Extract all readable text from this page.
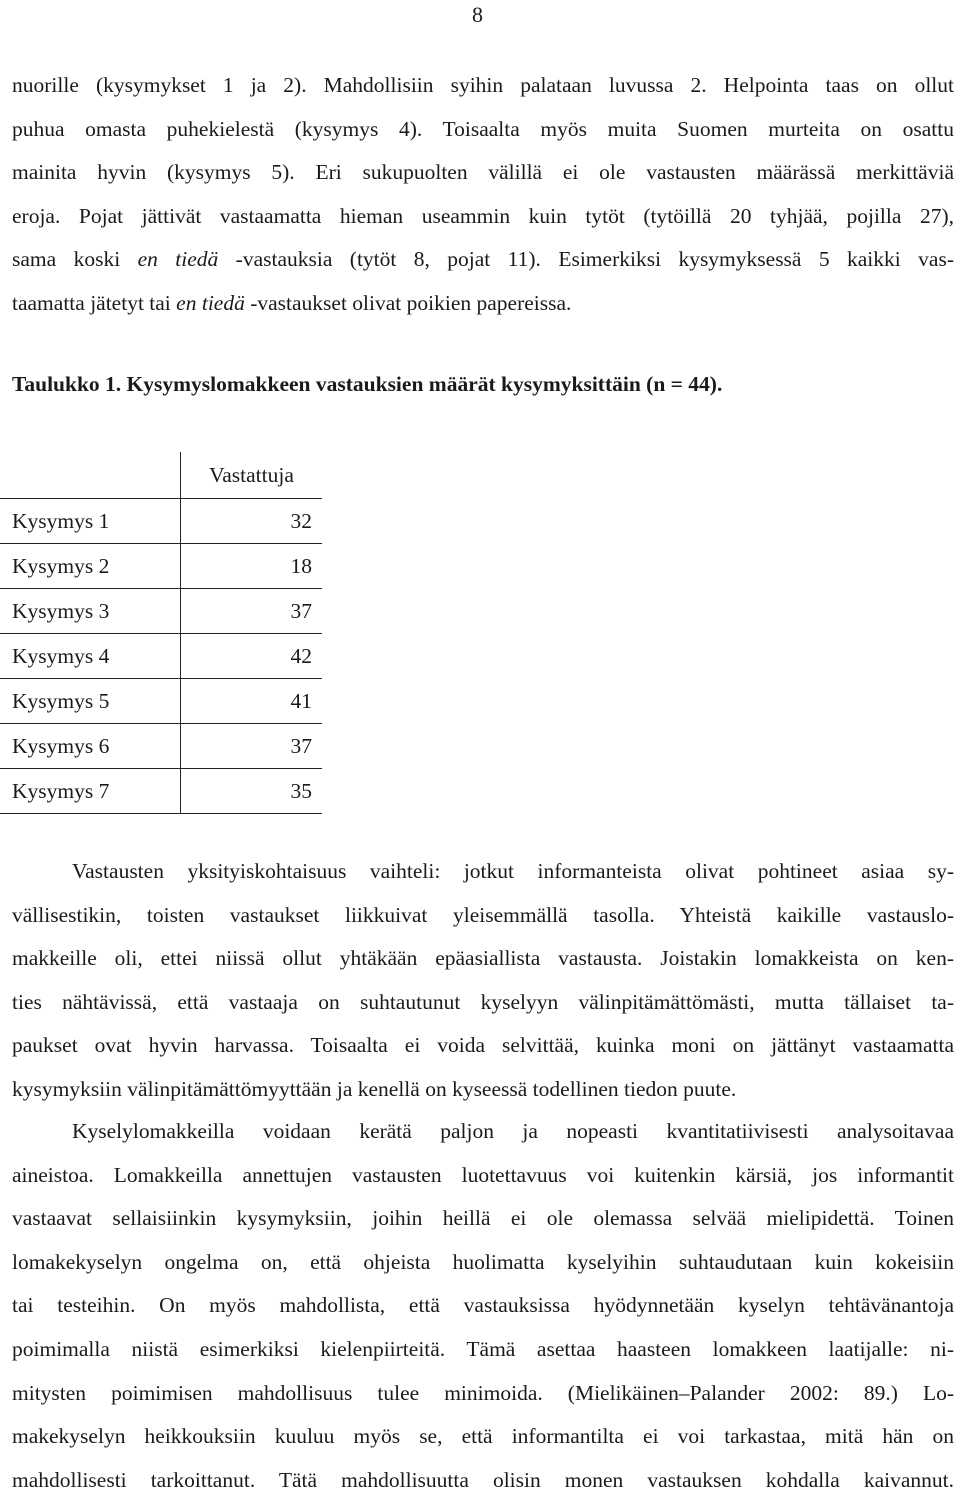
8
nuorille (kysymykset 1 ja 2). Mahdollisiin syihin palataan luvussa 2. Helpointa taas on ollut
puhua omasta puhekielestä (kysymys 4). Toisaalta myös muita Suomen murteita on osattu
mainita hyvin (kysymys 5). Eri sukupuolten välillä ei ole vastausten määrässä merkittäviä
eroja. Pojat jättivät vastaamatta hieman useammin kuin tytöt (tytöillä 20 tyhjää, pojilla 27),
sama koski en tiedä -vastauksia (tytöt 8, pojat 11). Esimerkiksi kysymyksessä 5 kaikki vas-
taamatta jätetyt tai en tiedä -vastaukset olivat poikien papereissa.
Taulukko 1. Kysymyslomakkeen vastauksien määrät kysymyksittäin (n = 44).
	Vastattuja
Kysymys 1	32
Kysymys 2	18
Kysymys 3	37
Kysymys 4	42
Kysymys 5	41
Kysymys 6	37
Kysymys 7	35
Vastausten yksityiskohtaisuus vaihteli: jotkut informanteista olivat pohtineet asiaa sy-
vällisestikin, toisten vastaukset liikkuivat yleisemmällä tasolla. Yhteistä kaikille vastauslo-
makkeille oli, ettei niissä ollut yhtäkään epäasiallista vastausta. Joistakin lomakkeista on ken-
ties nähtävissä, että vastaaja on suhtautunut kyselyyn välinpitämättömästi, mutta tällaiset ta-
paukset ovat hyvin harvassa. Toisaalta ei voida selvittää, kuinka moni on jättänyt vastaamatta
kysymyksiin välinpitämättömyyttään ja kenellä on kyseessä todellinen tiedon puute.
Kyselylomakkeilla voidaan kerätä paljon ja nopeasti kvantitatiivisesti analysoitavaa
aineistoa. Lomakkeilla annettujen vastausten luotettavuus voi kuitenkin kärsiä, jos informantit
vastaavat sellaisiinkin kysymyksiin, joihin heillä ei ole olemassa selvää mielipidettä. Toinen
lomakekyselyn ongelma on, että ohjeista huolimatta kyselyihin suhtaudutaan kuin kokeisiin
tai testeihin. On myös mahdollista, että vastauksissa hyödynnetään kyselyn tehtävänantoja
poimimalla niistä esimerkiksi kielenpiirteitä. Tämä asettaa haasteen lomakkeen laatijalle: ni-
mitysten poimimisen mahdollisuus tulee minimoida. (Mielikäinen–Palander 2002: 89.) Lo-
makekyselyn heikkouksiin kuuluu myös se, että informantilta ei voi tarkastaa, mitä hän on
mahdollisesti tarkoittanut. Tätä mahdollisuutta olisin monen vastauksen kohdalla kaivannut.
